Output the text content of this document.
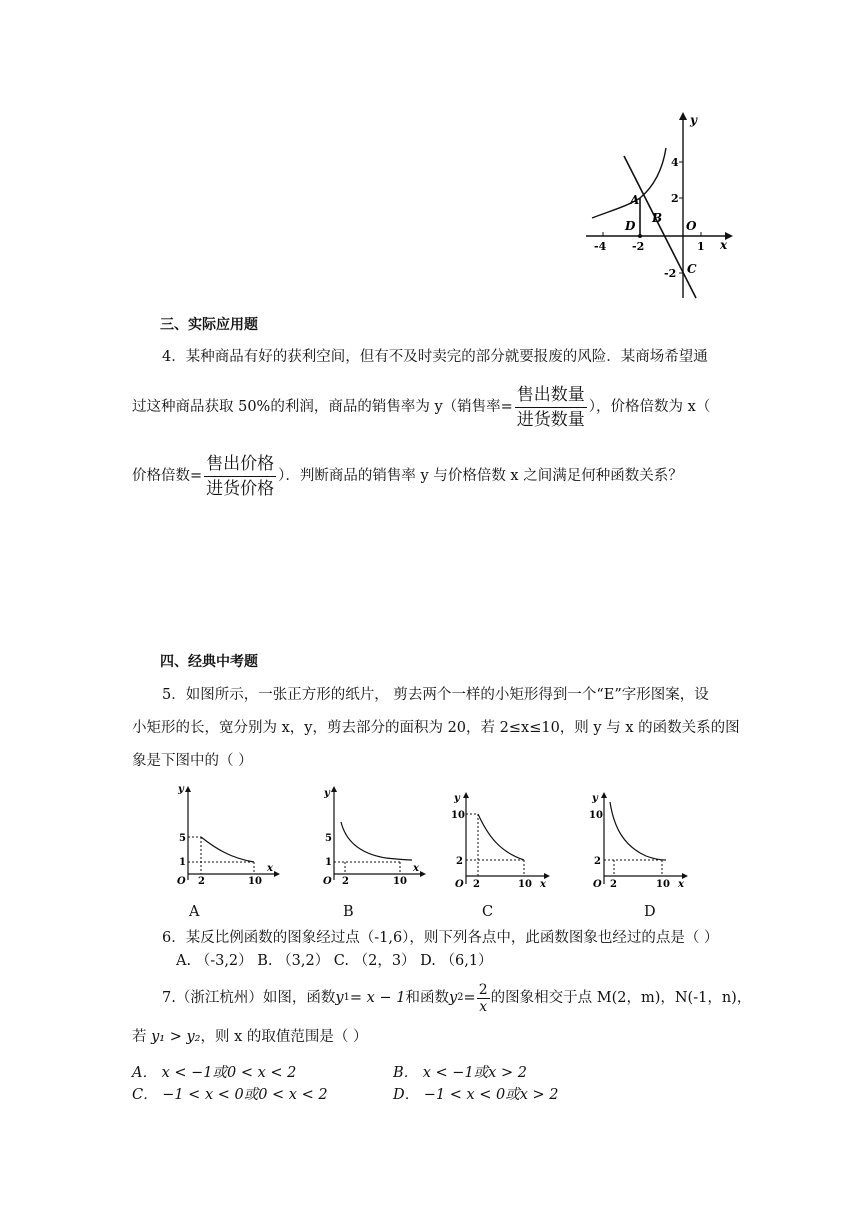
y
x
-4 -2	1
4
2
-2
A
B
C
D	O
三、实际应用题
4．某种商品有好的获利空间，但有不及时卖完的部分就要报废的风险．某商场希望通
过这种商品获取 50%的利润，商品的销售率为 y（销售率= $\frac{\text{售出数量}}{\text{进货数量}}$ ），价格倍数为 x（
价格倍数= $\frac{\text{售出价格}}{\text{进货价格}}$ ）．判断商品的销售率 y 与价格倍数 x 之间满足何种函数关系？
四、经典中考题
5．如图所示，一张正方形的纸片， 剪去两个一样的小矩形得到一个“E”字形图案，设
小矩形的长，宽分别为 x，y，剪去部分的面积为 20，若 2≤x≤10，则 y 与 x 的函数关系的图
象是下图中的（ ）
y
x
O
5
1
2	10
A
y
x
O
5
1
2	10
B
y
x
O
10
2
2	10
C
y
x
O
10
2
2	10
D
6．某反比例函数的图象经过点（-1,6），则下列各点中，此函数图象也经过的点是（ ）
A. （-3,2） B. （3,2） C. （2，3） D. （6,1）
7.（浙江杭州）如图，函数 y 1 = x − 1 和函数 y $2 = \frac{2}{x}$ 的图象相交于点 M(2，m)，N(-1，n)，
若 y₁ > y₂，则 x 的取值范围是（ ）
A． x < −1或0 < x < 2	B． x < −1或x > 2
C． −1 < x < 0或0 < x < 2	D． −1 < x < 0或x > 2
